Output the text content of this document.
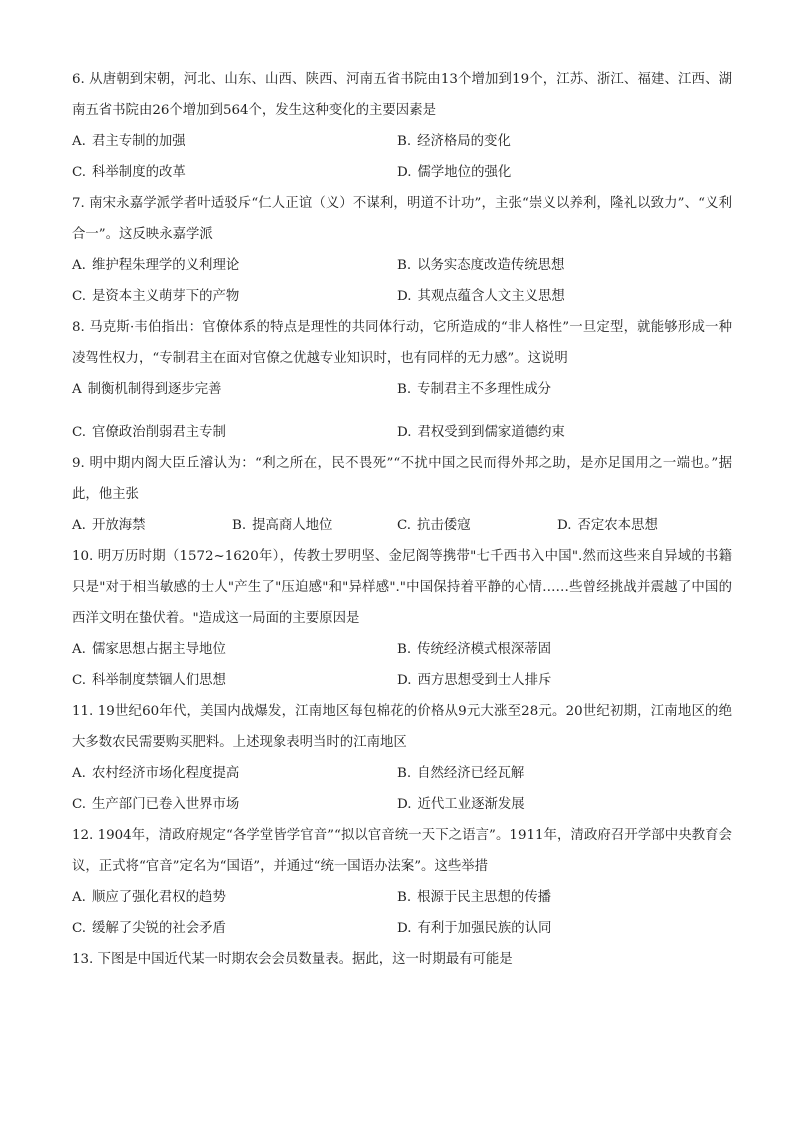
6. 从唐朝到宋朝，河北、山东、山西、陕西、河南五省书院由13个增加到19个，江苏、浙江、福建、江西、湖南五省书院由26个增加到564个，发生这种变化的主要因素是
A. 君主专制的加强	B. 经济格局的变化
C. 科举制度的改革	D. 儒学地位的强化
7. 南宋永嘉学派学者叶适驳斥“仁人正谊（义）不谋利，明道不计功”，主张“崇义以养利，隆礼以致力”、“义利合一”。这反映永嘉学派
A. 维护程朱理学的义利理论	B. 以务实态度改造传统思想
C. 是资本主义萌芽下的产物	D. 其观点蕴含人文主义思想
8. 马克斯·韦伯指出：官僚体系的特点是理性的共同体行动，它所造成的“非人格性”一旦定型，就能够形成一种凌驾性权力，“专制君主在面对官僚之优越专业知识时，也有同样的无力感”。这说明
A 制衡机制得到逐步完善	B. 专制君主不多理性成分
C. 官僚政治削弱君主专制	D. 君权受到到儒家道德约束
9. 明中期内阁大臣丘濬认为：“利之所在，民不畏死”“不扰中国之民而得外邦之助，是亦足国用之一端也。”据此，他主张
A. 开放海禁	B. 提高商人地位	C. 抗击倭寇	D. 否定农本思想
10. 明万历时期（1572~1620年），传教士罗明坚、金尼阁等携带"七千西书入中国".然而这些来自异域的书籍只是"对于相当敏感的士人"产生了"压迫感"和"异样感"."中国保持着平静的心情……些曾经挑战并震越了中国的西洋文明在蛰伏着。"造成这一局面的主要原因是
A. 儒家思想占据主导地位	B. 传统经济模式根深蒂固
C. 科举制度禁锢人们思想	D. 西方思想受到士人排斥
11. 19世纪60年代，美国内战爆发，江南地区每包棉花的价格从9元大涨至28元。20世纪初期，江南地区的绝大多数农民需要购买肥料。上述现象表明当时的江南地区
A. 农村经济市场化程度提高	B. 自然经济已经瓦解
C. 生产部门已卷入世界市场	D. 近代工业逐渐发展
12. 1904年，清政府规定“各学堂皆学官音”“拟以官音统一天下之语言”。1911年，清政府召开学部中央教育会议，正式将“官音”定名为“国语”，并通过“统一国语办法案”。这些举措
A. 顺应了强化君权的趋势	B. 根源于民主思想的传播
C. 缓解了尖锐的社会矛盾	D. 有利于加强民族的认同
13. 下图是中国近代某一时期农会会员数量表。据此，这一时期最有可能是
